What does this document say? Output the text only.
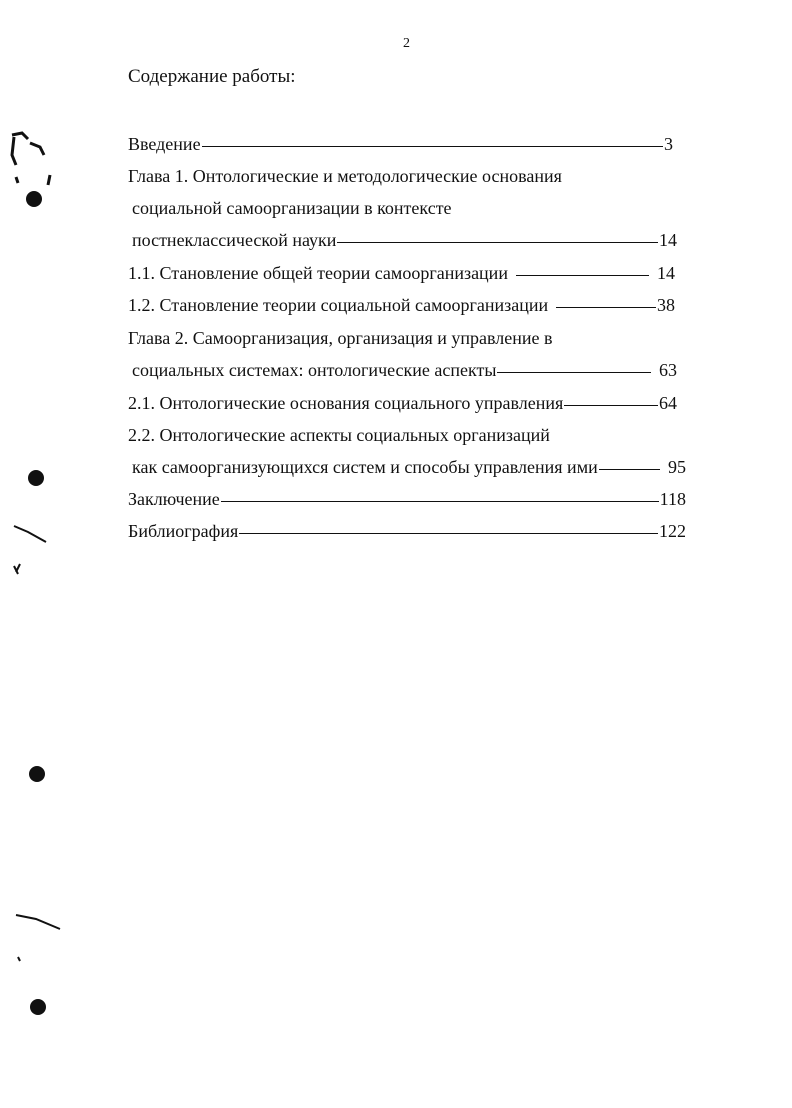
2
Содержание работы:
Введение	3
Глава 1. Онтологические и методологические основания
социальной самоорганизации в контексте
постнеклассической науки	14
1.1. Становление общей теории самоорганизации	14
1.2. Становление теории социальной самоорганизации	38
Глава 2. Самоорганизация, организация и управление в
социальных системах: онтологические аспекты	63
2.1. Онтологические основания социального управления	64
2.2. Онтологические аспекты социальных организаций
как самоорганизующихся систем и способы управления ими	95
Заключение	118
Библиография	122
